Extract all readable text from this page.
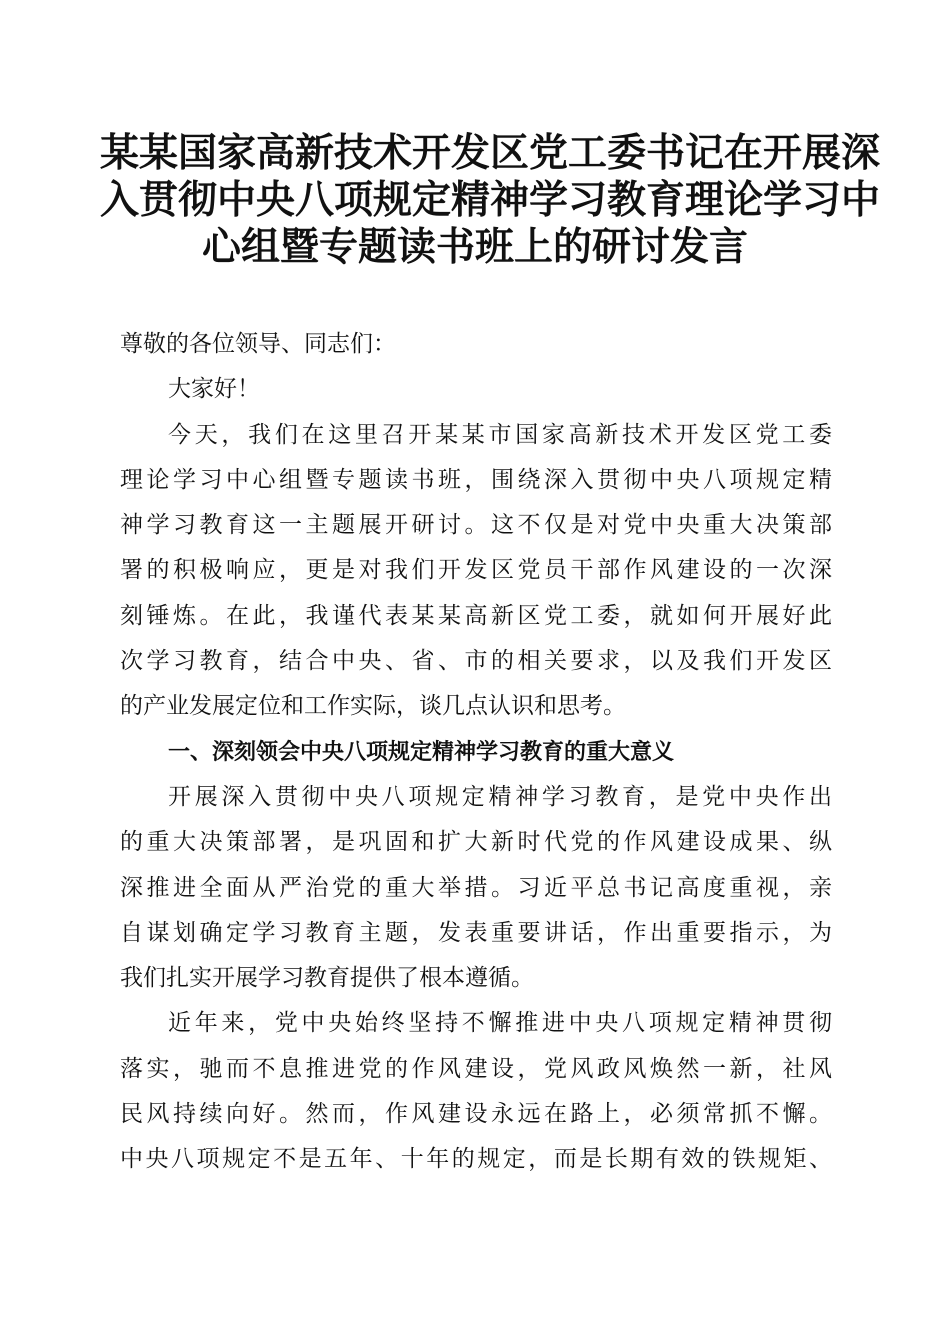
某某国家高新技术开发区党工委书记在开展深
入贯彻中央八项规定精神学习教育理论学习中
心组暨专题读书班上的研讨发言
尊敬的各位领导、同志们：
大家好！
今天，我们在这里召开某某市国家高新技术开发区党工委
理论学习中心组暨专题读书班，围绕深入贯彻中央八项规定精
神学习教育这一主题展开研讨。这不仅是对党中央重大决策部
署的积极响应，更是对我们开发区党员干部作风建设的一次深
刻锤炼。在此，我谨代表某某高新区党工委，就如何开展好此
次学习教育，结合中央、省、市的相关要求，以及我们开发区
的产业发展定位和工作实际，谈几点认识和思考。
一、深刻领会中央八项规定精神学习教育的重大意义
开展深入贯彻中央八项规定精神学习教育，是党中央作出
的重大决策部署，是巩固和扩大新时代党的作风建设成果、纵
深推进全面从严治党的重大举措。习近平总书记高度重视，亲
自谋划确定学习教育主题，发表重要讲话，作出重要指示，为
我们扎实开展学习教育提供了根本遵循。
近年来，党中央始终坚持不懈推进中央八项规定精神贯彻
落实，驰而不息推进党的作风建设，党风政风焕然一新，社风
民风持续向好。然而，作风建设永远在路上，必须常抓不懈。
中央八项规定不是五年、十年的规定，而是长期有效的铁规矩、
